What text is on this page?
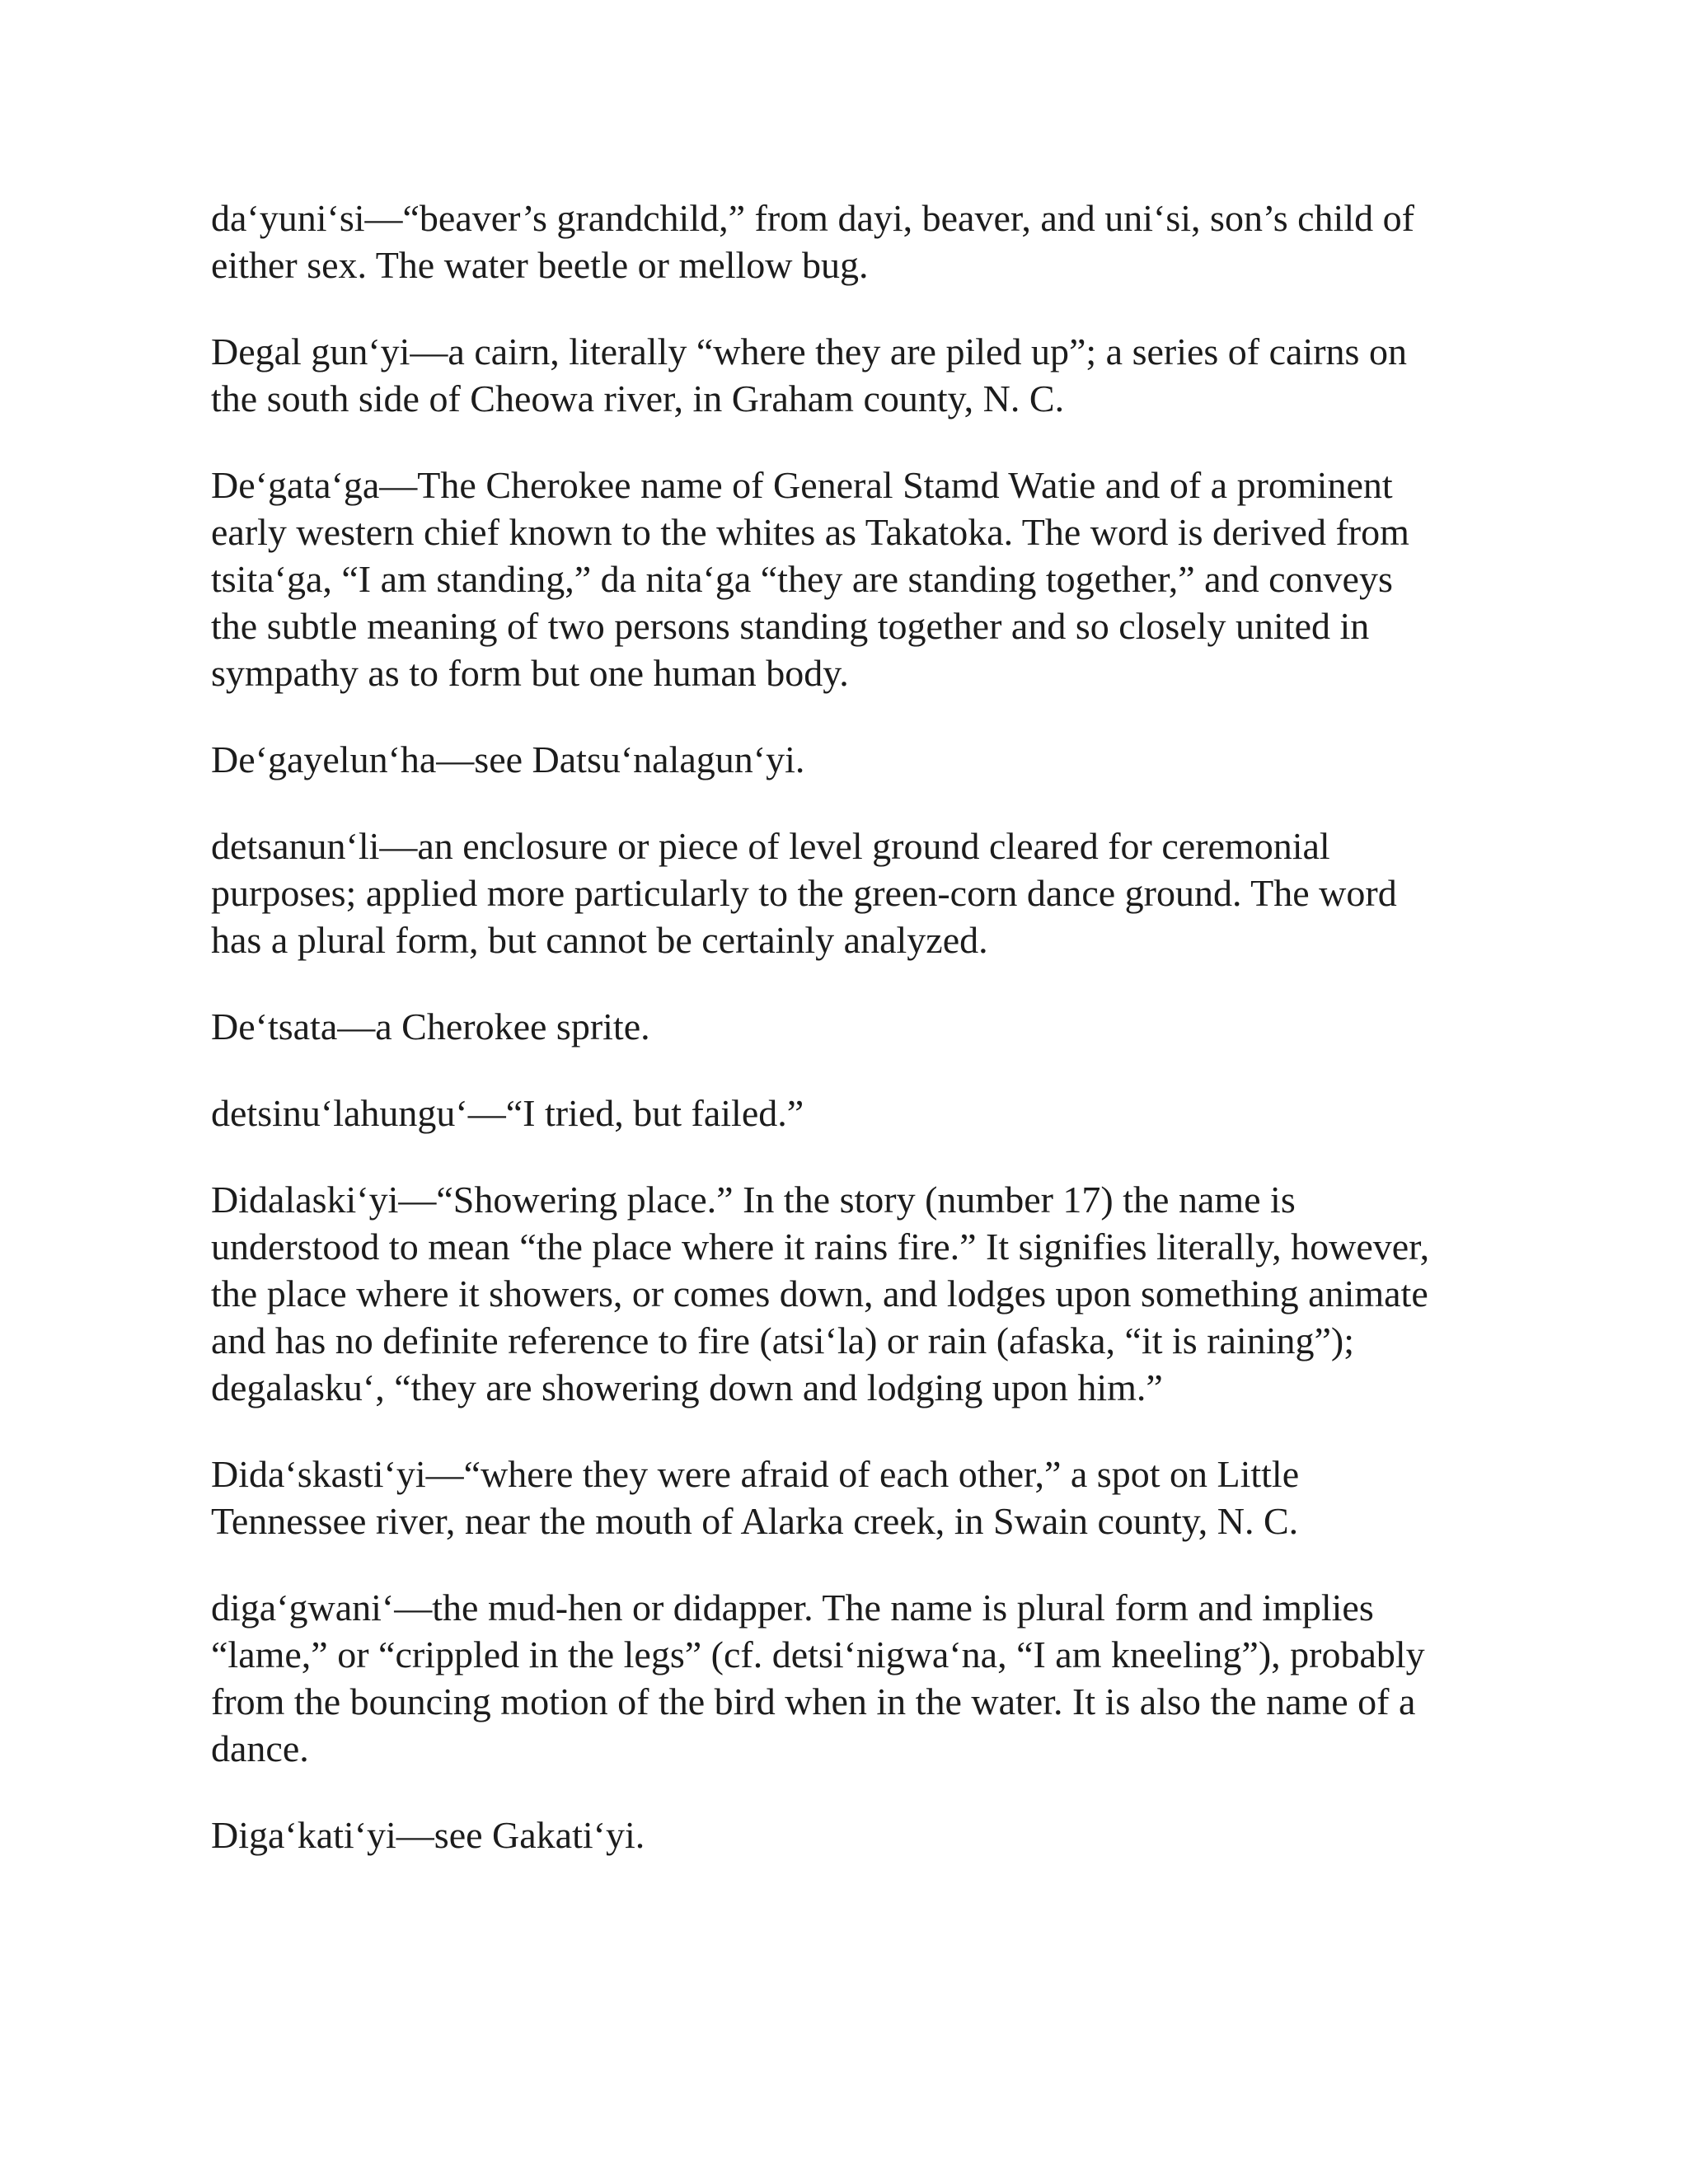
da‘yuni‘si—“beaver’s grandchild,” from dayi, beaver, and uni‘si, son’s child of
either sex. The water beetle or mellow bug.

Degal gun‘yi—a cairn, literally “where they are piled up”; a series of cairns on
the south side of Cheowa river, in Graham county, N. C.

De‘gata‘ga—The Cherokee name of General Stamd Watie and of a prominent
early western chief known to the whites as Takatoka. The word is derived from
tsita‘ga, “I am standing,” da nita‘ga “they are standing together,” and conveys
the subtle meaning of two persons standing together and so closely united in
sympathy as to form but one human body.

De‘gayelun‘ha—see Datsu‘nalagun‘yi.

detsanun‘li—an enclosure or piece of level ground cleared for ceremonial
purposes; applied more particularly to the green-corn dance ground. The word
has a plural form, but cannot be certainly analyzed.

De‘tsata—a Cherokee sprite.

detsinu‘lahungu‘—“I tried, but failed.”

Didalaski‘yi—“Showering place.” In the story (number 17) the name is
understood to mean “the place where it rains fire.” It signifies literally, however,
the place where it showers, or comes down, and lodges upon something animate
and has no definite reference to fire (atsi‘la) or rain (afaska, “it is raining”);
degalasku‘, “they are showering down and lodging upon him.”

Dida‘skasti‘yi—“where they were afraid of each other,” a spot on Little
Tennessee river, near the mouth of Alarka creek, in Swain county, N. C.

diga‘gwani‘—the mud-hen or didapper. The name is plural form and implies
“lame,” or “crippled in the legs” (cf. detsi‘nigwa‘na, “I am kneeling”), probably
from the bouncing motion of the bird when in the water. It is also the name of a
dance.

Diga‘kati‘yi—see Gakati‘yi.
